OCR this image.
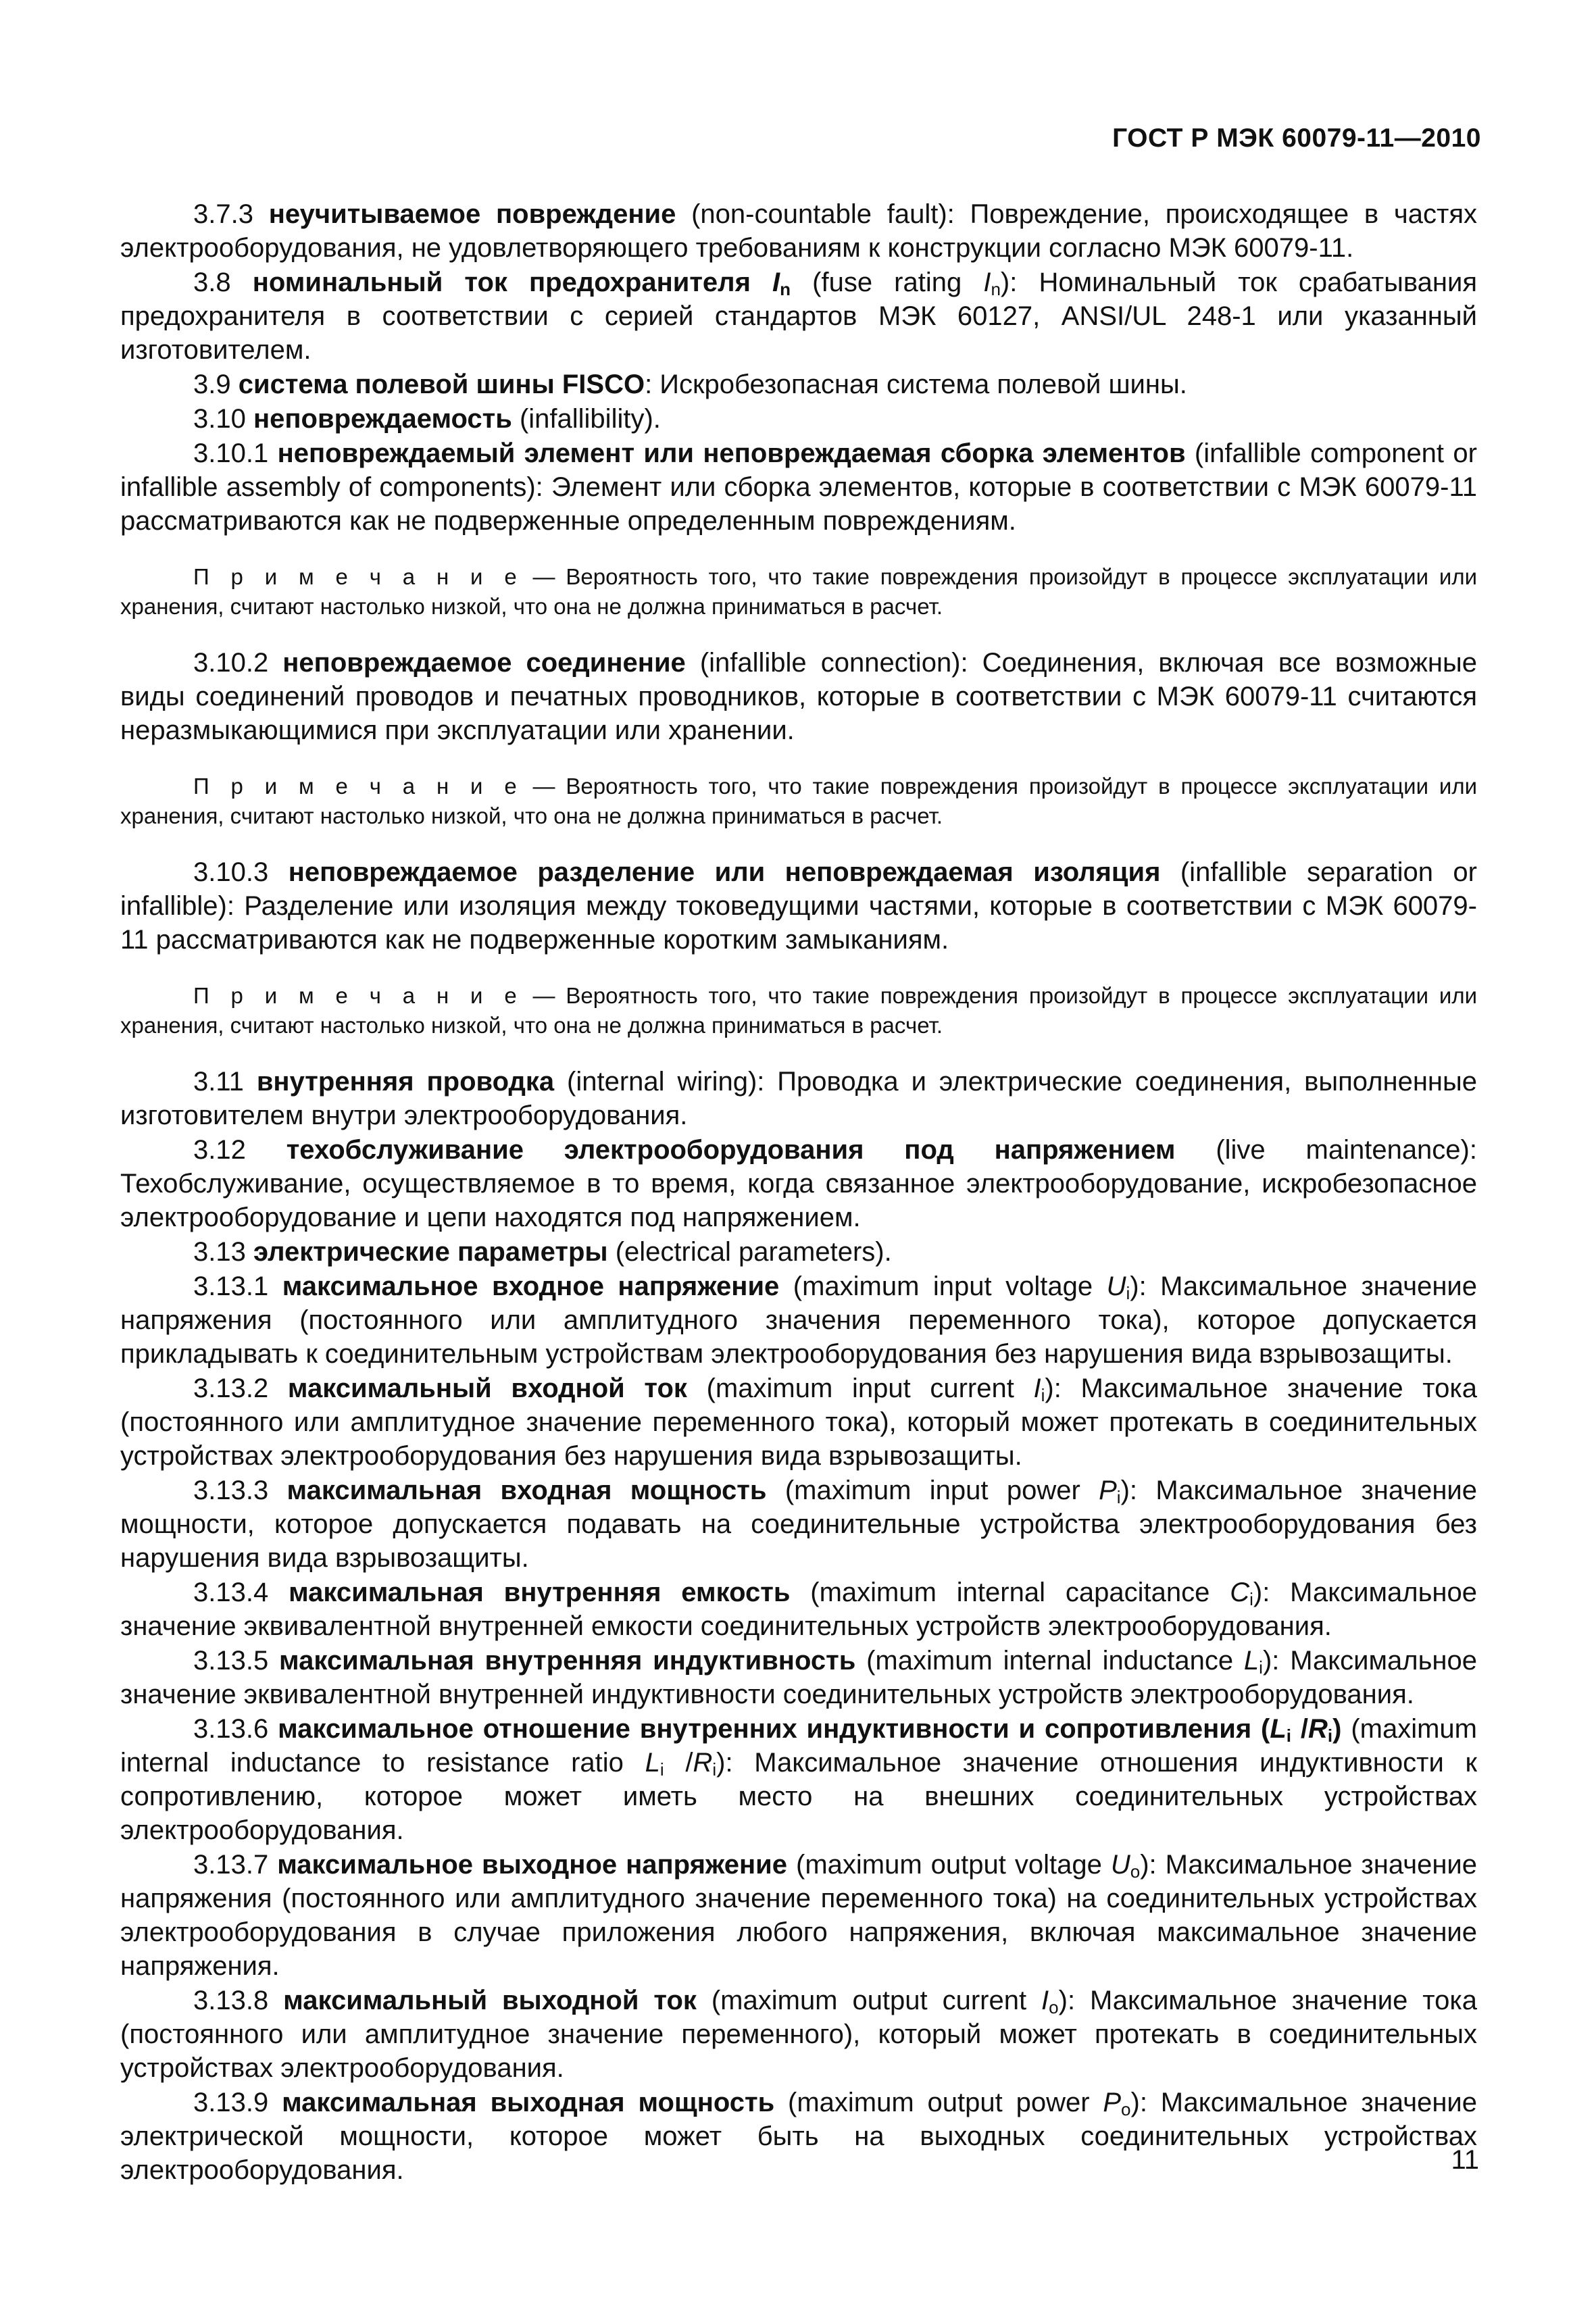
ГОСТ Р МЭК 60079-11—2010

3.7.3 неучитываемое повреждение (non-countable fault): Повреждение, происходящее в частях электрооборудования, не удовлетворяющего требованиям к конструкции согласно МЭК 60079-11.

3.8 номинальный ток предохранителя $I_n$ (fuse rating $I_n$): Номинальный ток срабатывания предохранителя в соответствии с серией стандартов МЭК 60127, ANSI/UL 248-1 или указанный изготовителем.

3.9 система полевой шины FISCO: Искробезопасная система полевой шины.

3.10 неповреждаемость (infallibility).

3.10.1 неповреждаемый элемент или неповреждаемая сборка элементов (infallible component or infallible assembly of components): Элемент или сборка элементов, которые в соответствии с МЭК 60079-11 рассматриваются как не подверженные определенным повреждениям.

П р и м е ч а н и е — Вероятность того, что такие повреждения произойдут в процессе эксплуатации или хранения, считают настолько низкой, что она не должна приниматься в расчет.

3.10.2 неповреждаемое соединение (infallible connection): Соединения, включая все возможные виды соединений проводов и печатных проводников, которые в соответствии с МЭК 60079-11 считаются неразмыкающимися при эксплуатации или хранении.

П р и м е ч а н и е — Вероятность того, что такие повреждения произойдут в процессе эксплуатации или хранения, считают настолько низкой, что она не должна приниматься в расчет.

3.10.3 неповреждаемое разделение или неповреждаемая изоляция (infallible separation or infallible): Разделение или изоляция между токоведущими частями, которые в соответствии с МЭК 60079-11 рассматриваются как не подверженные коротким замыканиям.

П р и м е ч а н и е — Вероятность того, что такие повреждения произойдут в процессе эксплуатации или хранения, считают настолько низкой, что она не должна приниматься в расчет.

3.11 внутренняя проводка (internal wiring): Проводка и электрические соединения, выполненные изготовителем внутри электрооборудования.

3.12 техобслуживание электрооборудования под напряжением (live maintenance): Техобслуживание, осуществляемое в то время, когда связанное электрооборудование, искробезопасное электрооборудование и цепи находятся под напряжением.

3.13 электрические параметры (electrical parameters).

3.13.1 максимальное входное напряжение (maximum input voltage $U_i$): Максимальное значение напряжения (постоянного или амплитудного значения переменного тока), которое допускается прикладывать к соединительным устройствам электрооборудования без нарушения вида взрывозащиты.

3.13.2 максимальный входной ток (maximum input current $I_i$): Максимальное значение тока (постоянного или амплитудное значение переменного тока), который может протекать в соединительных устройствах электрооборудования без нарушения вида взрывозащиты.

3.13.3 максимальная входная мощность (maximum input power $P_i$): Максимальное значение мощности, которое допускается подавать на соединительные устройства электрооборудования без нарушения вида взрывозащиты.

3.13.4 максимальная внутренняя емкость (maximum internal capacitance $C_i$): Максимальное значение эквивалентной внутренней емкости соединительных устройств электрооборудования.

3.13.5 максимальная внутренняя индуктивность (maximum internal inductance $L_i$): Максимальное значение эквивалентной внутренней индуктивности соединительных устройств электрооборудования.

3.13.6 максимальное отношение внутренних индуктивности и сопротивления ($L_i$ $/R_i$) (maximum internal inductance to resistance ratio $L_i$ $/R_i$): Максимальное значение отношения индуктивности к сопротивлению, которое может иметь место на внешних соединительных устройствах электрооборудования.

3.13.7 максимальное выходное напряжение (maximum output voltage $U_o$): Максимальное значение напряжения (постоянного или амплитудного значение переменного тока) на соединительных устройствах электрооборудования в случае приложения любого напряжения, включая максимальное значение напряжения.

3.13.8 максимальный выходной ток (maximum output current $I_o$): Максимальное значение тока (постоянного или амплитудное значение переменного), который может протекать в соединительных устройствах электрооборудования.

3.13.9 максимальная выходная мощность (maximum output power $P_o$): Максимальное значение электрической мощности, которое может быть на выходных соединительных устройствах электрооборудования.	11
